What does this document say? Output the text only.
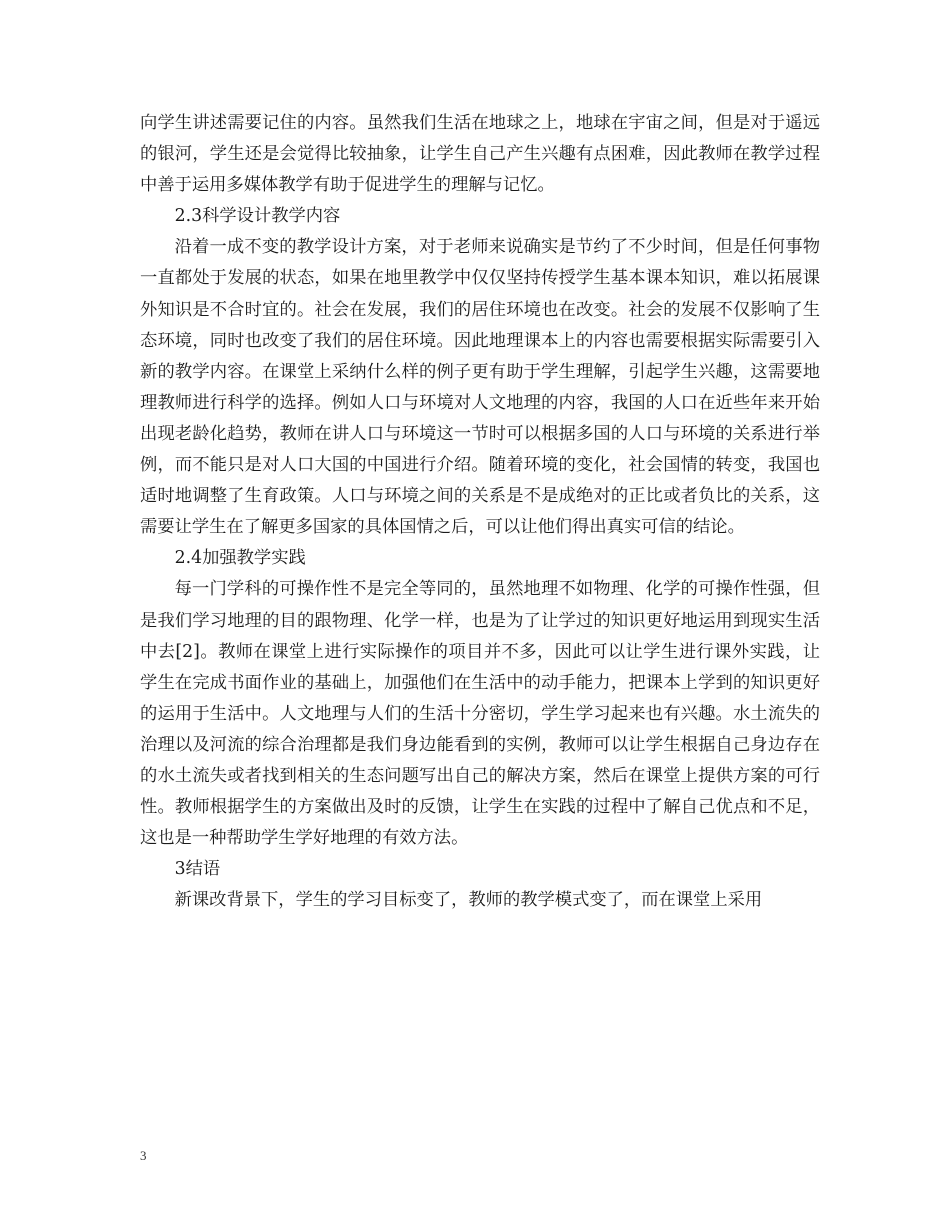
向学生讲述需要记住的内容。虽然我们生活在地球之上，地球在宇宙之间，但是对于遥远的银河，学生还是会觉得比较抽象，让学生自己产生兴趣有点困难，因此教师在教学过程中善于运用多媒体教学有助于促进学生的理解与记忆。

2.3科学设计教学内容

沿着一成不变的教学设计方案，对于老师来说确实是节约了不少时间，但是任何事物一直都处于发展的状态，如果在地里教学中仅仅坚持传授学生基本课本知识，难以拓展课外知识是不合时宜的。社会在发展，我们的居住环境也在改变。社会的发展不仅影响了生态环境，同时也改变了我们的居住环境。因此地理课本上的内容也需要根据实际需要引入新的教学内容。在课堂上采纳什么样的例子更有助于学生理解，引起学生兴趣，这需要地理教师进行科学的选择。例如人口与环境对人文地理的内容，我国的人口在近些年来开始出现老龄化趋势，教师在讲人口与环境这一节时可以根据多国的人口与环境的关系进行举例，而不能只是对人口大国的中国进行介绍。随着环境的变化，社会国情的转变，我国也适时地调整了生育政策。人口与环境之间的关系是不是成绝对的正比或者负比的关系，这需要让学生在了解更多国家的具体国情之后，可以让他们得出真实可信的结论。

2.4加强教学实践

每一门学科的可操作性不是完全等同的，虽然地理不如物理、化学的可操作性强，但是我们学习地理的目的跟物理、化学一样，也是为了让学过的知识更好地运用到现实生活中去[2]。教师在课堂上进行实际操作的项目并不多，因此可以让学生进行课外实践，让学生在完成书面作业的基础上，加强他们在生活中的动手能力，把课本上学到的知识更好的运用于生活中。人文地理与人们的生活十分密切，学生学习起来也有兴趣。水土流失的治理以及河流的综合治理都是我们身边能看到的实例，教师可以让学生根据自己身边存在的水土流失或者找到相关的生态问题写出自己的解决方案，然后在课堂上提供方案的可行性。教师根据学生的方案做出及时的反馈，让学生在实践的过程中了解自己优点和不足，这也是一种帮助学生学好地理的有效方法。

3结语

新课改背景下，学生的学习目标变了，教师的教学模式变了，而在课堂上采用

3
